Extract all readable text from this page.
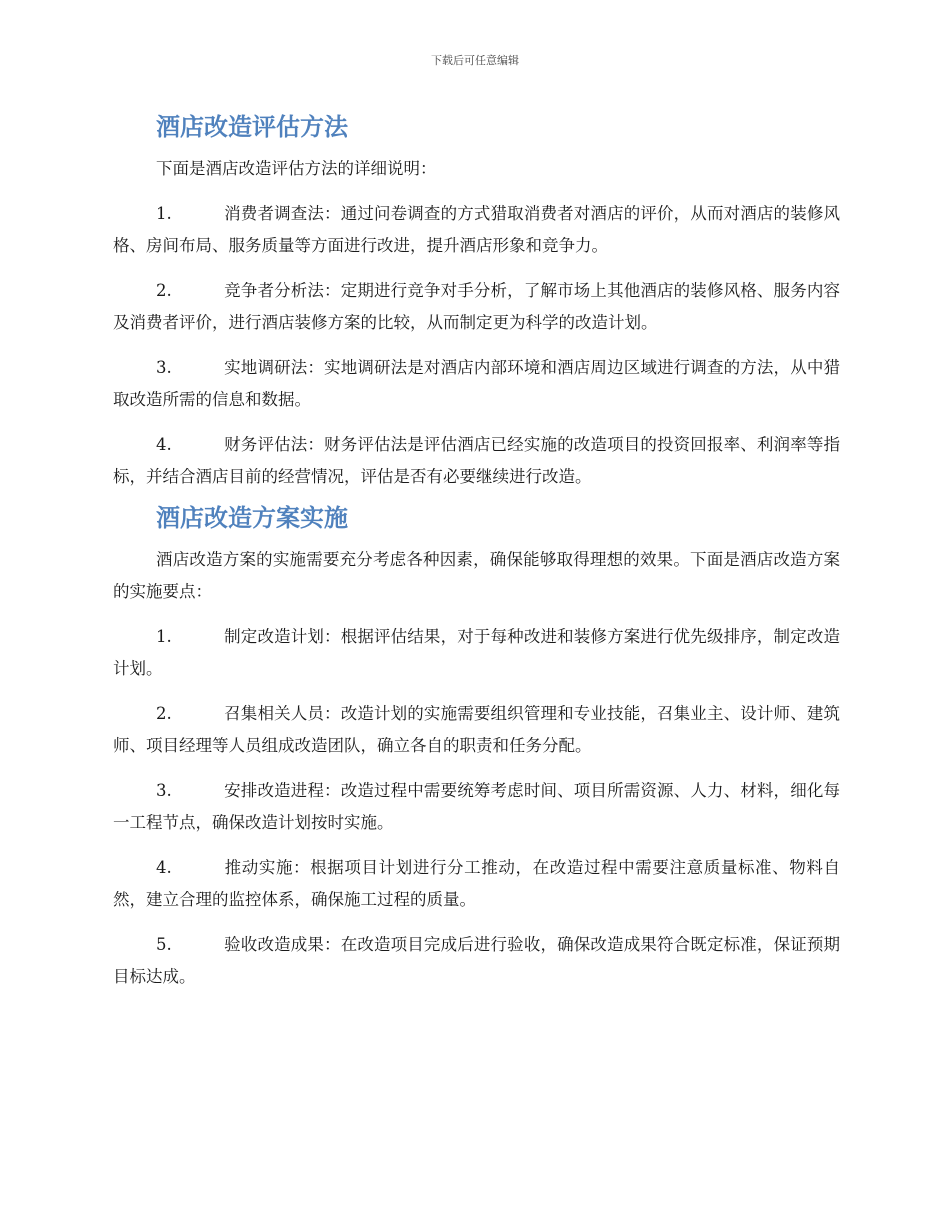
下载后可任意编辑
酒店改造评估方法

下面是酒店改造评估方法的详细说明：

1.	消费者调查法：通过问卷调查的方式猎取消费者对酒店的评价，从而对酒店的装修风格、房间布局、服务质量等方面进行改进，提升酒店形象和竞争力。

2.	竞争者分析法：定期进行竞争对手分析，了解市场上其他酒店的装修风格、服务内容及消费者评价，进行酒店装修方案的比较，从而制定更为科学的改造计划。

3.	实地调研法：实地调研法是对酒店内部环境和酒店周边区域进行调查的方法，从中猎取改造所需的信息和数据。

4.	财务评估法：财务评估法是评估酒店已经实施的改造项目的投资回报率、利润率等指标，并结合酒店目前的经营情况，评估是否有必要继续进行改造。

酒店改造方案实施

酒店改造方案的实施需要充分考虑各种因素，确保能够取得理想的效果。下面是酒店改造方案的实施要点：

1.	制定改造计划：根据评估结果，对于每种改进和装修方案进行优先级排序，制定改造计划。

2.	召集相关人员：改造计划的实施需要组织管理和专业技能，召集业主、设计师、建筑师、项目经理等人员组成改造团队，确立各自的职责和任务分配。

3.	安排改造进程：改造过程中需要统筹考虑时间、项目所需资源、人力、材料，细化每一工程节点，确保改造计划按时实施。

4.	推动实施：根据项目计划进行分工推动，在改造过程中需要注意质量标准、物料自然，建立合理的监控体系，确保施工过程的质量。

5.	验收改造成果：在改造项目完成后进行验收，确保改造成果符合既定标准，保证预期目标达成。
